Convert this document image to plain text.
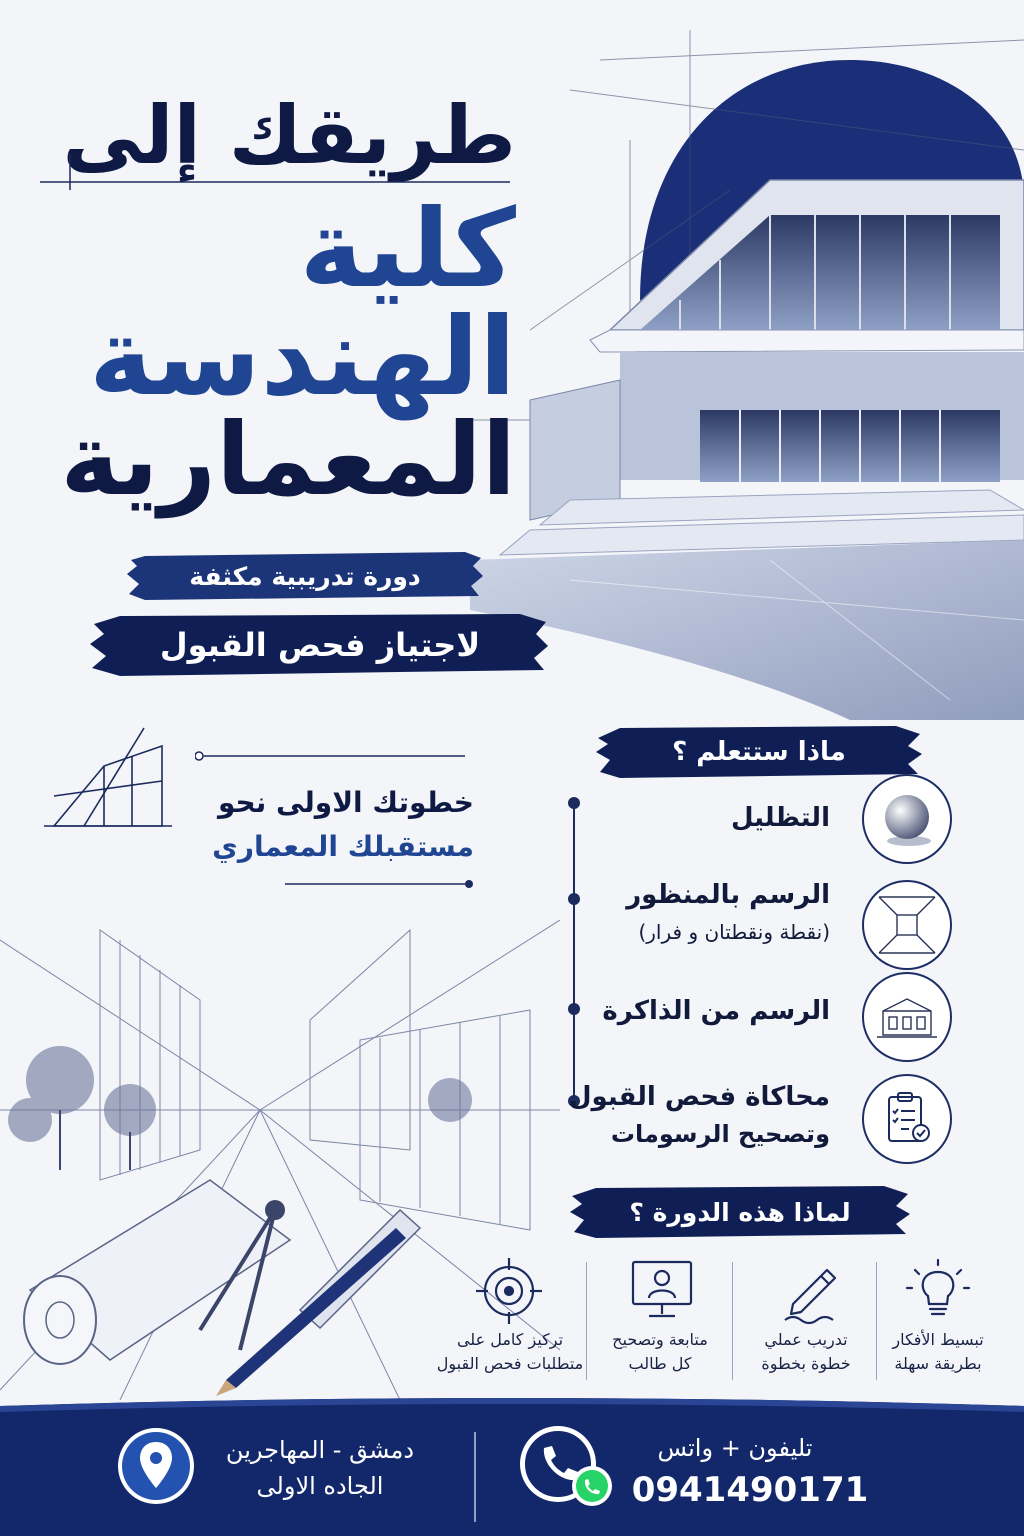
طريقك إلى
كلية
الهندسة
المعمارية
دورة تدريبية مكثفة
لاجتياز فحص القبول
خطوتك الاولى نحو
مستقبلك المعماري
ماذا ستتعلم ؟
التظليل
الرسم بالمنظور
(نقطة ونقطتان و فرار)
الرسم من الذاكرة
محاكاة فحص القبول
وتصحيح الرسومات
لماذا هذه الدورة ؟
تبسيط الأفكار
بطريقة سهلة
تدريب عملي
خطوة بخطوة
متابعة وتصحيح
كل طالب
تركيز كامل على
متطلبات فحص القبول
دمشق - المهاجرين
الجاده الاولى
تليفون + واتس
0941490171
